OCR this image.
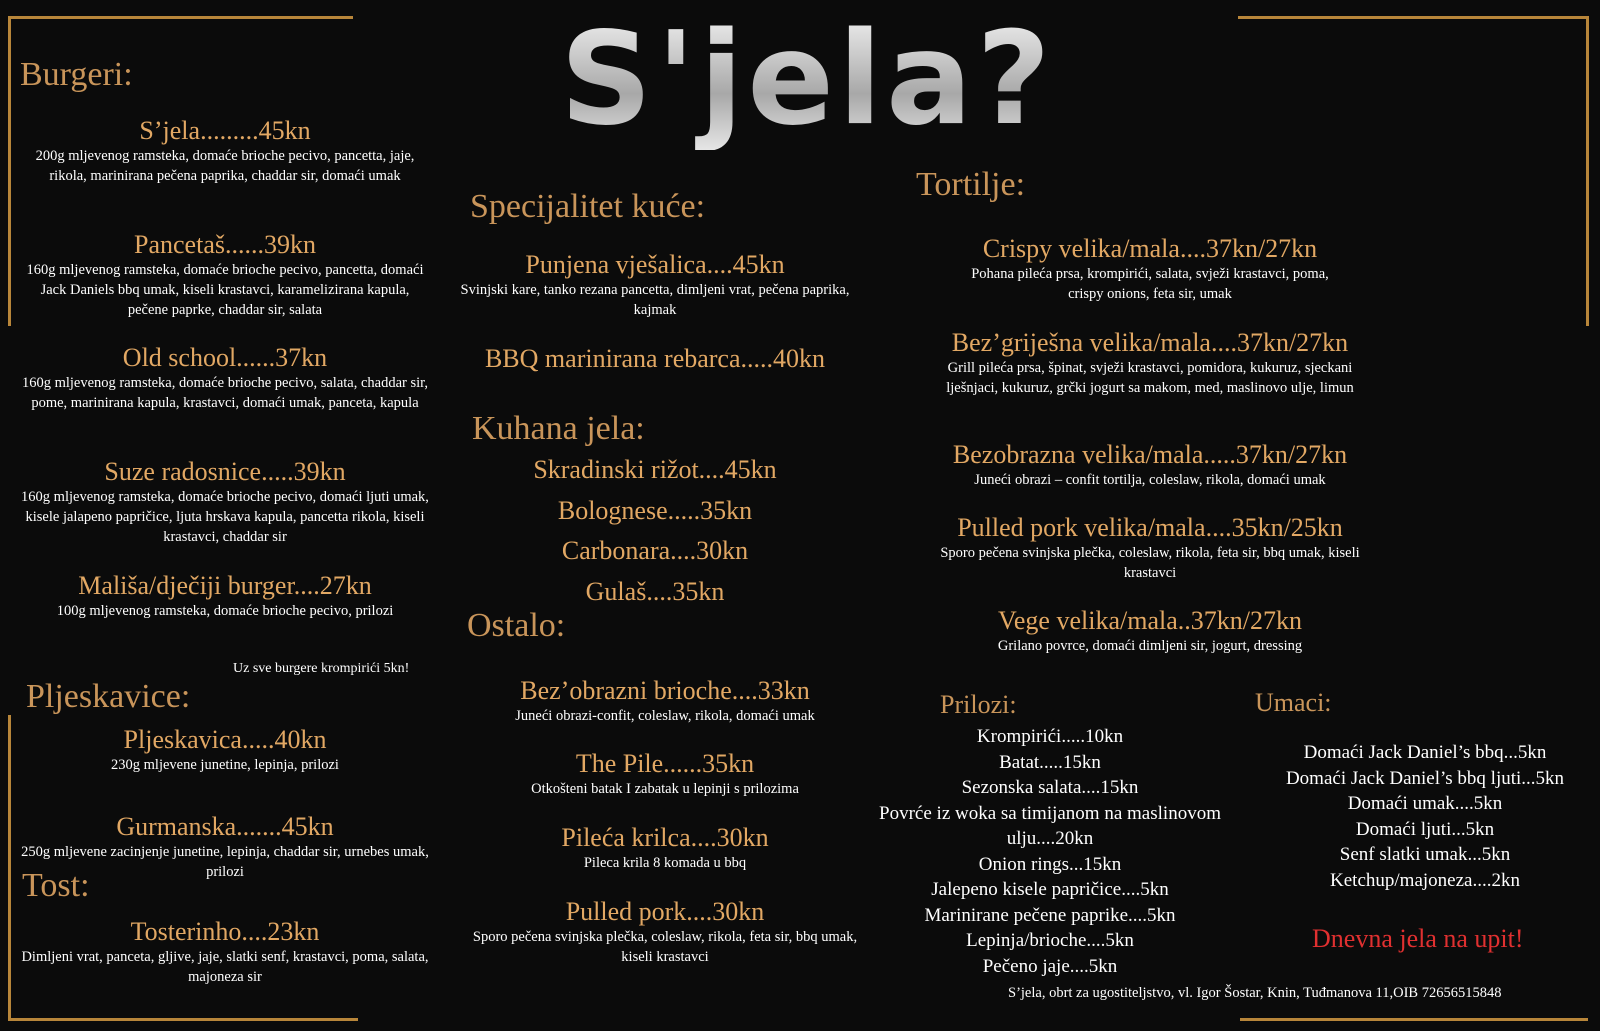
S'jela?
Burgeri:
S’jela.........45kn
200g mljevenog ramsteka, domaće brioche pecivo, pancetta, jaje, rikola, marinirana pečena paprika, chaddar sir, domaći umak
Pancetaš......39kn
160g mljevenog ramsteka, domaće brioche pecivo, pancetta, domaći Jack Daniels bbq umak, kiseli krastavci, karameliziranа kapula, pečene paprke, chaddar sir, salata
Old school......37kn
160g mljevenog ramsteka, domaće brioche pecivo, salata, chaddar sir, pome, marinirana kapula, krastavci, domaći umak, panceta, kapula
Suze radosnice.....39kn
160g mljevenog ramsteka, domaće brioche pecivo, domaći ljuti umak, kisele jalapeno papričice, ljuta hrskava kapula, pancetta rikola, kiseli krastavci, chaddar sir
Mališa/dječiji burger....27kn
100g mljevenog ramsteka, domaće brioche pecivo, prilozi
Uz sve burgere krompirići 5kn!
Pljeskavice:
Pljeskavica.....40kn
230g mljevene junetine, lepinja, prilozi
Gurmanska.......45kn
250g mljevene zacinjenje junetine, lepinja, chaddar sir, urnebes umak, prilozi
Tost:
Tosterinho....23kn
Dimljeni vrat, panceta, gljive, jaje, slatki senf, krastavci, poma, salata, majoneza sir
Specijalitet kuće:
Punjena vješalica....45kn
Svinjski kare, tanko rezana pancetta, dimljeni vrat, pečena paprika, kajmak
BBQ marinirana rebarca.....40kn
Kuhana jela:
Skradinski rižot....45kn
Bolognese.....35kn
Carbonara....30kn
Gulaš....35kn
Ostalo:
Bez’obrazni brioche....33kn
Juneći obrazi-confit, coleslaw, rikola, domaći umak
The Pile......35kn
Otkošteni batak I zabatak u lepinji s prilozima
Pileća krilca....30kn
Pileca krila 8 komada u bbq
Pulled pork....30kn
Sporo pečena svinjska plečka, coleslaw, rikola, feta sir, bbq umak, kiseli krastavci
Tortilje:
Crispy velika/mala....37kn/27kn
Pohana pileća prsa, krompirići, salata, svježi krastavci, poma, crispy onions, feta sir, umak
Bez’grijеšna velika/mala....37kn/27kn
Grill pileća prsa, špinat, svježi krastavci, pomidora, kukuruz, sjeckani lješnjaci, kukuruz, grčki jogurt sa makom, med, maslinovo ulje, limun
Bezobrazna velika/mala.....37kn/27kn
Juneći obrazi – confit tortilja, coleslaw, rikola, domaći umak
Pulled pork velika/mala....35kn/25kn
Sporo pečena svinjska plečka, coleslaw, rikola, feta sir, bbq umak, kiseli krastavci
Vege velika/mala..37kn/27kn
Grilano povrce, domaći dimljeni sir, jogurt, dressing
Prilozi:
Krompirići.....10kn
Batat.....15kn
Sezonska salata....15kn
Povrće iz woka sa timijanom na maslinovom
ulju....20kn
Onion rings...15kn
Jalepeno kisele papričice....5kn
Marinirane pečene paprike....5kn
Lepinja/brioche....5kn
Pečeno jaje....5kn
Umaci:
Domaći Jack Daniel’s bbq...5kn
Domaći Jack Daniel’s bbq ljuti...5kn
Domaći umak....5kn
Domaći ljuti...5kn
Senf slatki umak...5kn
Ketchup/majoneza....2kn
Dnevna jela na upit!
S’jela, obrt za ugostiteljstvo, vl. Igor Šostar, Knin, Tuđmanova 11,OIB 72656515848
